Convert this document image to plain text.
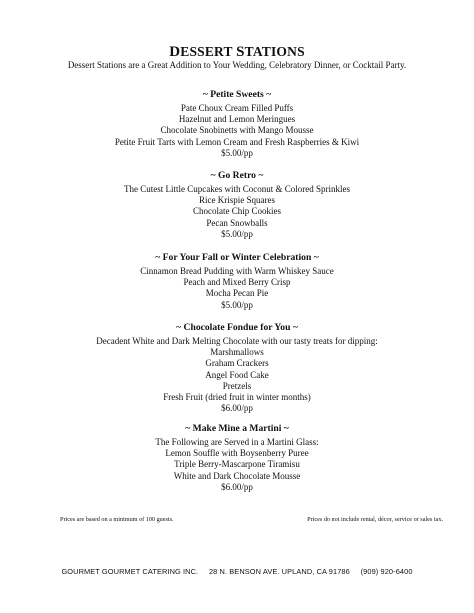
DESSERT STATIONS
Dessert Stations are a Great Addition to Your Wedding, Celebratory Dinner, or Cocktail Party.
~ Petite Sweets ~
Pate Choux Cream Filled Puffs
Hazelnut and Lemon Meringues
Chocolate Snobinetts with Mango Mousse
Petite Fruit Tarts with Lemon Cream and Fresh Raspberries & Kiwi
$5.00/pp
~ Go Retro ~
The Cutest Little Cupcakes with Coconut & Colored Sprinkles
Rice Krispie Squares
Chocolate Chip Cookies
Pecan Snowballs
$5.00/pp
~ For Your Fall or Winter Celebration ~
Cinnamon Bread Pudding with Warm Whiskey Sauce
Peach and Mixed Berry Crisp
Mocha Pecan Pie
$5.00/pp
~ Chocolate Fondue for You ~
Decadent White and Dark Melting Chocolate with our tasty treats for dipping:
Marshmallows
Graham Crackers
Angel Food Cake
Pretzels
Fresh Fruit (dried fruit in winter months)
$6.00/pp
~ Make Mine a Martini ~
The Following are Served in a Martini Glass:
Lemon Souffle with Boysenberry Puree
Triple Berry-Mascarpone Tiramisu
White and Dark Chocolate Mousse
$6.00/pp
Prices are based on a minimum of 100 guests.	Prices do not include rental, décor, service or sales tax.
GOURMET GOURMET CATERING INC.     28 N. BENSON AVE. UPLAND, CA 91786     (909) 920-6400
